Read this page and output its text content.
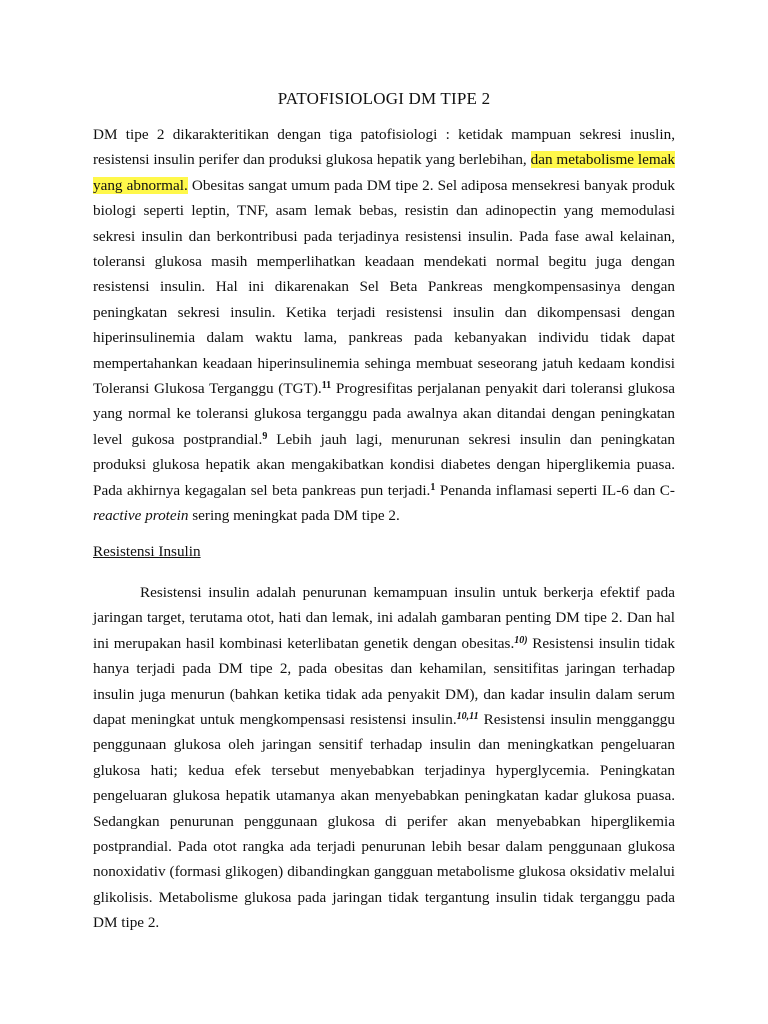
PATOFISIOLOGI DM TIPE 2
DM tipe 2 dikarakteritikan dengan tiga patofisiologi : ketidak mampuan sekresi inuslin, resistensi insulin perifer dan produksi glukosa hepatik yang berlebihan, dan metabolisme lemak yang abnormal. Obesitas sangat umum pada DM tipe 2. Sel adiposa mensekresi banyak produk biologi seperti leptin, TNF, asam lemak bebas, resistin dan adinopectin yang memodulasi sekresi insulin dan berkontribusi pada terjadinya resistensi insulin. Pada fase awal kelainan, toleransi glukosa masih memperlihatkan keadaan mendekati normal begitu juga dengan resistensi insulin. Hal ini dikarenakan Sel Beta Pankreas mengkompensasinya dengan peningkatan sekresi insulin. Ketika terjadi resistensi insulin dan dikompensasi dengan hiperinsulinemia dalam waktu lama, pankreas pada kebanyakan individu tidak dapat mempertahankan keadaan hiperinsulinemia sehinga membuat seseorang jatuh kedaam kondisi Toleransi Glukosa Terganggu (TGT).$^{11}$ Progresifitas perjalanan penyakit dari toleransi glukosa yang normal ke toleransi glukosa terganggu pada awalnya akan ditandai dengan peningkatan level gukosa postprandial.$^9$ Lebih jauh lagi, menurunan sekresi insulin dan peningkatan produksi glukosa hepatik akan mengakibatkan kondisi diabetes dengan hiperglikemia puasa. Pada akhirnya kegagalan sel beta pankreas pun terjadi.$^1$ Penanda inflamasi seperti IL-6 dan C-reactive protein sering meningkat pada DM tipe 2.
Resistensi Insulin
Resistensi insulin adalah penurunan kemampuan insulin untuk berkerja efektif pada jaringan target, terutama otot, hati dan lemak, ini adalah gambaran penting DM tipe 2. Dan hal ini merupakan hasil kombinasi keterlibatan genetik dengan obesitas.$^{10)}$ Resistensi insulin tidak hanya terjadi pada DM tipe 2, pada obesitas dan kehamilan, sensitifitas jaringan terhadap insulin juga menurun (bahkan ketika tidak ada penyakit DM), dan kadar insulin dalam serum dapat meningkat untuk mengkompensasi resistensi insulin.$^{10,11}$ Resistensi insulin mengganggu penggunaan glukosa oleh jaringan sensitif terhadap insulin dan meningkatkan pengeluaran glukosa hati; kedua efek tersebut menyebabkan terjadinya hyperglycemia. Peningkatan pengeluaran glukosa hepatik utamanya akan menyebabkan peningkatan kadar glukosa puasa. Sedangkan penurunan penggunaan glukosa di perifer akan menyebabkan hiperglikemia postprandial. Pada otot rangka ada terjadi penurunan lebih besar dalam penggunaan glukosa nonoxidativ (formasi glikogen) dibandingkan gangguan metabolisme glukosa oksidativ melalui glikolisis. Metabolisme glukosa pada jaringan tidak tergantung insulin tidak terganggu pada DM tipe 2.
